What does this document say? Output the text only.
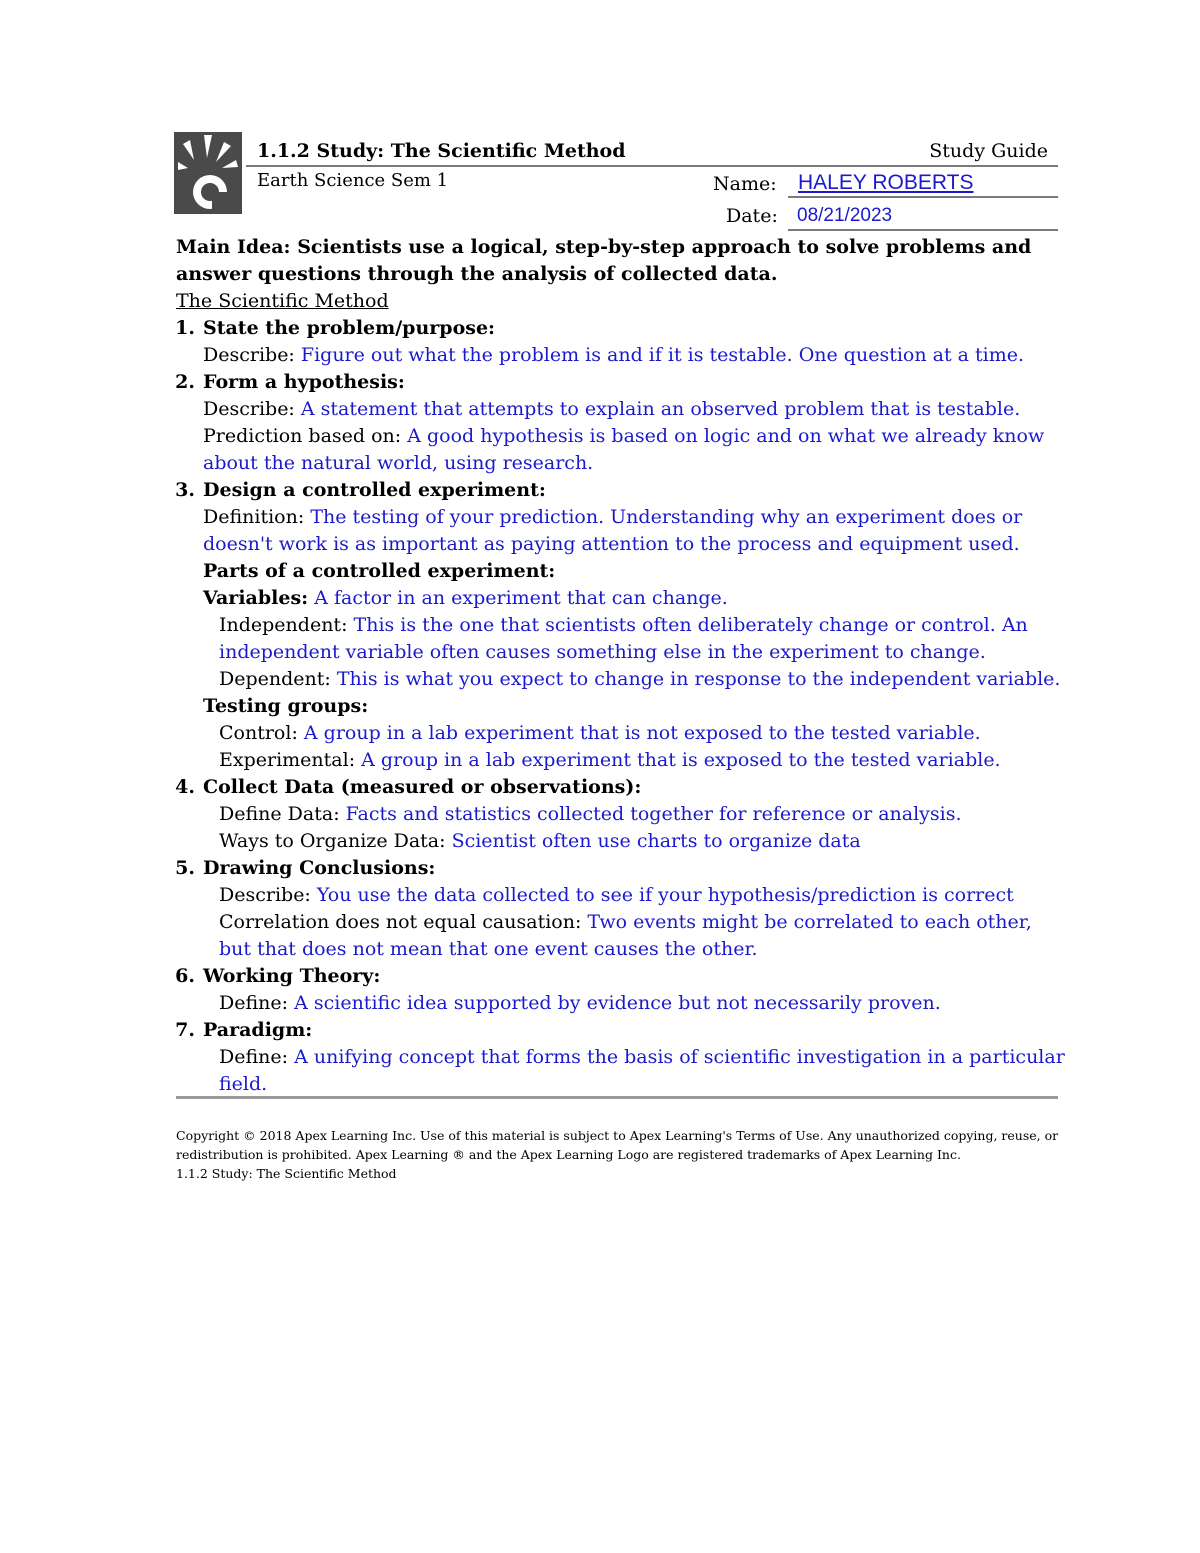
1.1.2 Study: The Scientific Method	Study Guide
Earth Science Sem 1	Name: HALEY ROBERTS
Date: 08/21/2023
Main Idea: Scientists use a logical, step-by-step approach to solve problems and answer questions through the analysis of collected data.
The Scientific Method
1. State the problem/purpose:
Describe: Figure out what the problem is and if it is testable. One question at a time.
2. Form a hypothesis:
Describe: A statement that attempts to explain an observed problem that is testable.
Prediction based on: A good hypothesis is based on logic and on what we already know about the natural world, using research.
3. Design a controlled experiment:
Definition: The testing of your prediction. Understanding why an experiment does or doesn't work is as important as paying attention to the process and equipment used.
Parts of a controlled experiment:
Variables: A factor in an experiment that can change.
Independent: This is the one that scientists often deliberately change or control. An independent variable often causes something else in the experiment to change.
Dependent: This is what you expect to change in response to the independent variable.
Testing groups:
Control: A group in a lab experiment that is not exposed to the tested variable.
Experimental: A group in a lab experiment that is exposed to the tested variable.
4. Collect Data (measured or observations):
Define Data: Facts and statistics collected together for reference or analysis.
Ways to Organize Data: Scientist often use charts to organize data
5. Drawing Conclusions:
Describe: You use the data collected to see if your hypothesis/prediction is correct
Correlation does not equal causation: Two events might be correlated to each other, but that does not mean that one event causes the other.
6. Working Theory:
Define: A scientific idea supported by evidence but not necessarily proven.
7. Paradigm:
Define: A unifying concept that forms the basis of scientific investigation in a particular field.
Copyright © 2018 Apex Learning Inc. Use of this material is subject to Apex Learning's Terms of Use. Any unauthorized copying, reuse, or redistribution is prohibited. Apex Learning ® and the Apex Learning Logo are registered trademarks of Apex Learning Inc.
1.1.2 Study: The Scientific Method
